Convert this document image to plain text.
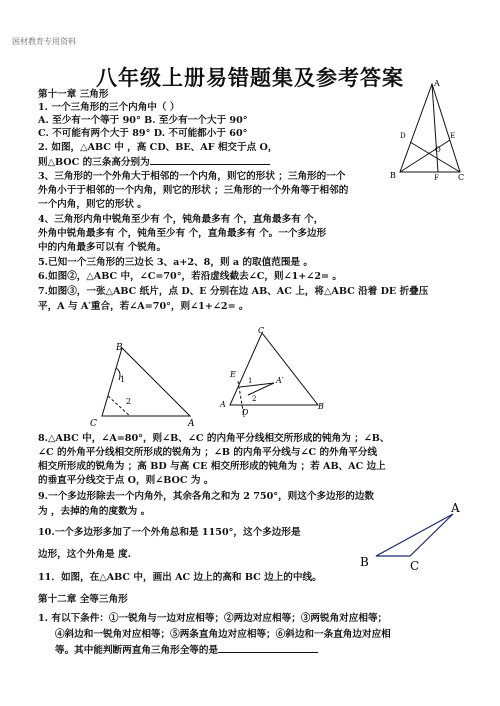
困材教育专用资料
八年级上册易错题集及参考答案
第十一章 三角形
1. 一个三角形的三个内角中（ ）
A. 至少有一个等于 90° B. 至少有一个大于 90°
C. 不可能有两个大于 89° D. 不可能都小于 60°
2. 如图，△ABC 中 ，高 CD、BE、AF 相交于点 O，
则△BOC 的三条高分别为
3、三角形的一个外角大于相邻的一个内角，则它的形状 ；三角形的一个
外角小于于相邻的一个内角，则它的形状 ；三角形的一个外角等于相邻的
一个内角，则它的形状 。
4、三角形内角中锐角至少有 个，钝角最多有 个，直角最多有 个，
外角中锐角最多有 个，钝角至少有 个，直角最多有 个。一个多边形
中的内角最多可以有 个锐角。
5.已知一个三角形的三边长 3、a+2、8，则 a 的取值范围是 。
6.如图②，△ABC 中，∠C=70°，若沿虚线截去∠C，则∠1+∠2= 。
7.如图③，一张△ABC 纸片，点 D、E 分别在边 AB、AC 上，将△ABC 沿着 DE 折叠压
平，A 与 A′重合，若∠A=70°，则∠1+∠2= 。
8.△ABC 中，∠A=80°，则∠B、∠C 的内角平分线相交所形成的钝角为 ；∠B、
∠C 的外角平分线相交所形成的锐角为 ；∠B 的内角平分线与∠C 的外角平分线
相交所形成的锐角为 ；高 BD 与高 CE 相交所形成的钝角为 ；若 AB、AC 边上
的垂直平分线交于点 O，则∠BOC 为 。
9.一个多边形除去一个内角外，其余各角之和为 2 750°，则这个多边形的边数
为 ，去掉的角的度数为 。
10.一个多边形多加了一个外角总和是 1150°，这个多边形是
边形，这个外角是 度.
11．如图，在△ABC 中，画出 AC 边上的高和 BC 边上的中线。
第十二章 全等三角形
1. 有以下条件：①一锐角与一边对应相等；②两边对应相等；③两锐角对应相等；
④斜边和一锐角对应相等；⑤两条直角边对应相等；⑥斜边和一条直角边对应相
等。其中能判断两直角三角形全等的是
A
B	C
D	E
F
O
B
C	A
1
2
C
E
A	B
D
A′
1
2
A
B	C
